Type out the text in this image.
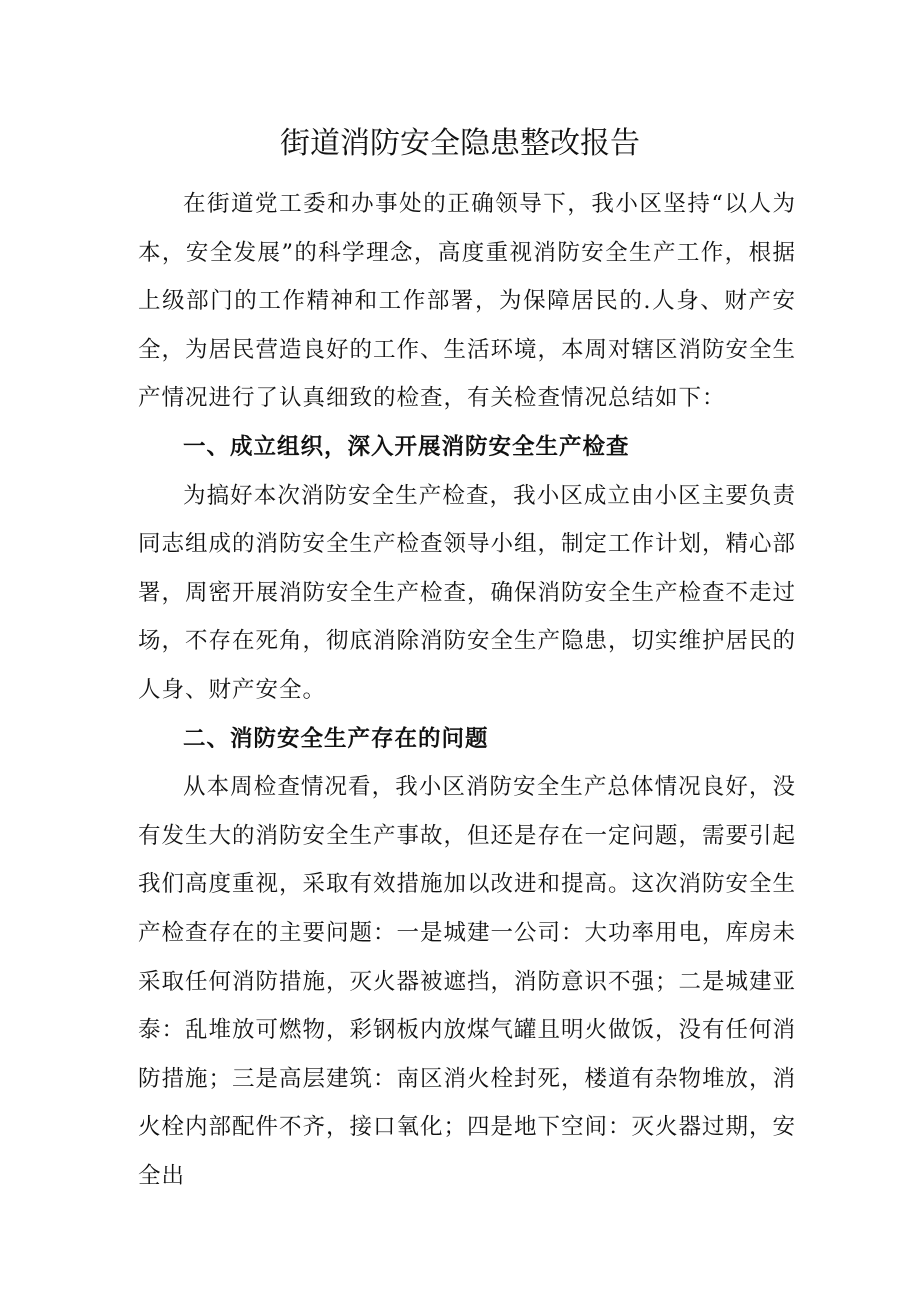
街道消防安全隐患整改报告

在街道党工委和办事处的正确领导下，我小区坚持“以人为本，安全发展”的科学理念，高度重视消防安全生产工作，根据上级部门的工作精神和工作部署，为保障居民的.人身、财产安全，为居民营造良好的工作、生活环境，本周对辖区消防安全生产情况进行了认真细致的检查，有关检查情况总结如下：

一、成立组织，深入开展消防安全生产检查

为搞好本次消防安全生产检查，我小区成立由小区主要负责同志组成的消防安全生产检查领导小组，制定工作计划，精心部署，周密开展消防安全生产检查，确保消防安全生产检查不走过场，不存在死角，彻底消除消防安全生产隐患，切实维护居民的人身、财产安全。

二、消防安全生产存在的问题

从本周检查情况看，我小区消防安全生产总体情况良好，没有发生大的消防安全生产事故，但还是存在一定问题，需要引起我们高度重视，采取有效措施加以改进和提高。这次消防安全生产检查存在的主要问题：一是城建一公司：大功率用电，库房未采取任何消防措施，灭火器被遮挡，消防意识不强；二是城建亚泰：乱堆放可燃物，彩钢板内放煤气罐且明火做饭，没有任何消防措施；三是高层建筑：南区消火栓封死，楼道有杂物堆放，消火栓内部配件不齐，接口氧化；四是地下空间：灭火器过期，安全出
